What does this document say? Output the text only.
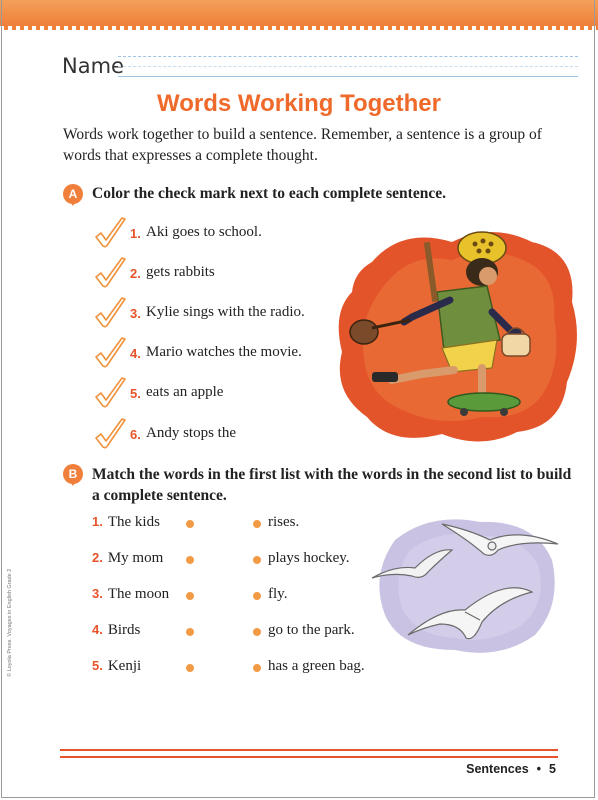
Name
Words Working Together
Words work together to build a sentence. Remember, a sentence is a group of words that expresses a complete thought.
A Color the check mark next to each complete sentence.
1. Aki goes to school.
2. gets rabbits
3. Kylie sings with the radio.
4. Mario watches the movie.
5. eats an apple
6. Andy stops the
B Match the words in the first list with the words in the second list to build a complete sentence.
1. The kids
2. My mom
3. The moon
4. Birds
5. Kenji
rises.
plays hockey.
fly.
go to the park.
has a green bag.
© Loyola Press. Voyages in English Grade 2
Sentences • 5
